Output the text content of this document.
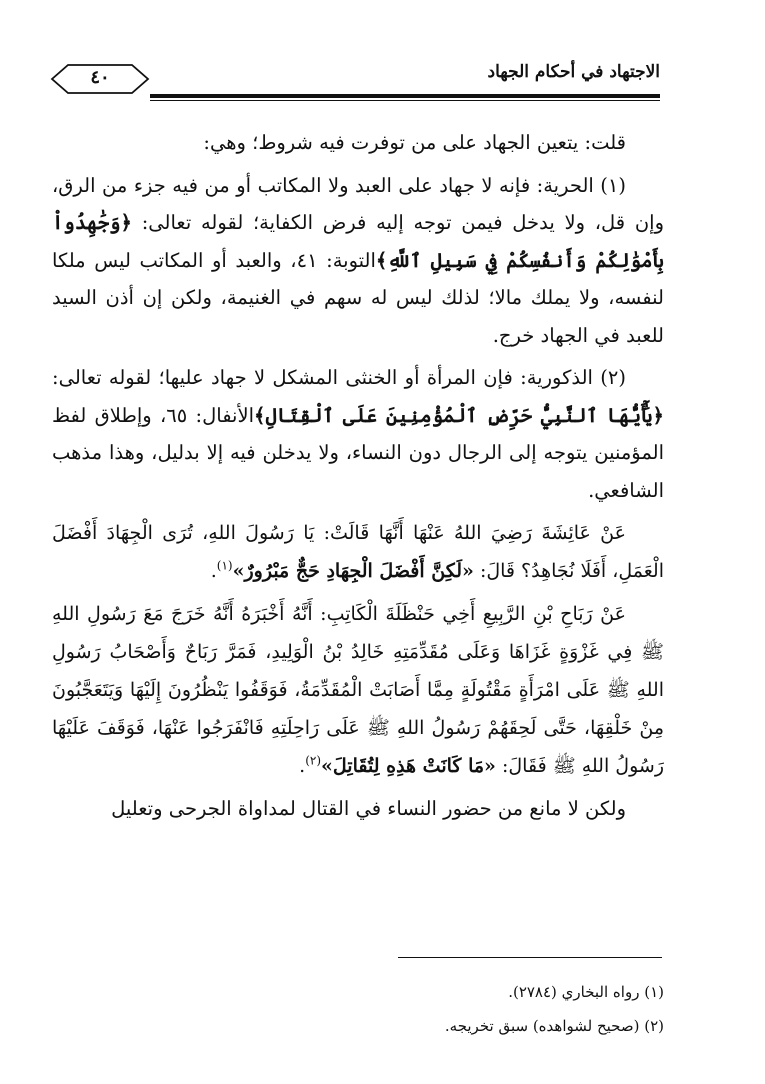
الاجتهاد في أحكام الجهاد
٤٠

قلت: يتعين الجهاد على من توفرت فيه شروط؛ وهي:

(١) الحرية: فإنه لا جهاد على العبد ولا المكاتب أو من فيه جزء من الرق، وإن قل، ولا يدخل فيمن توجه إليه فرض الكفاية؛ لقوله تعالى: ﴿وَجَٰهِدُواْ بِأَمْوَٰلِكُمْ وَأَنفُسِكُمْ فِي سَبِيلِ ٱللَّهِ﴾التوبة: ٤١، والعبد أو المكاتب ليس ملكا لنفسه، ولا يملك مالا؛ لذلك ليس له سهم في الغنيمة، ولكن إن أذن السيد للعبد في الجهاد خرج.

(٢) الذكورية: فإن المرأة أو الخنثى المشكل لا جهاد عليها؛ لقوله تعالى: ﴿يَٰٓأَيُّهَا ٱلنَّبِيُّ حَرِّضِ ٱلْمُؤْمِنِينَ عَلَى ٱلْقِتَالِ﴾الأنفال: ٦٥، وإطلاق لفظ المؤمنين يتوجه إلى الرجال دون النساء، ولا يدخلن فيه إلا بدليل، وهذا مذهب الشافعي.

عَنْ عَائِشَةَ رَضِيَ اللهُ عَنْهَا أَنَّهَا قَالَتْ: يَا رَسُولَ اللهِ، تُرَى الْجِهَادَ أَفْضَلَ الْعَمَلِ، أَفَلَا نُجَاهِدُ؟ قَالَ: «لَكِنَّ أَفْضَلَ الْجِهَادِ حَجٌّ مَبْرُورٌ»$^{(١)}$.

عَنْ رَبَاحِ بْنِ الرَّبِيعِ أَخِي حَنْظَلَةَ الْكَاتِبِ: أَنَّهُ أَخْبَرَهُ أَنَّهُ خَرَجَ مَعَ رَسُولِ اللهِ ﷺ فِي غَزْوَةٍ غَزَاهَا وَعَلَى مُقَدِّمَتِهِ خَالِدُ بْنُ الْوَلِيدِ، فَمَرَّ رَبَاحٌ وَأَصْحَابُ رَسُولِ اللهِ ﷺ عَلَى امْرَأَةٍ مَقْتُولَةٍ مِمَّا أَصَابَتْ الْمُقَدِّمَةُ، فَوَقَفُوا يَنْظُرُونَ إِلَيْهَا وَيَتَعَجَّبُونَ مِنْ خَلْقِهَا، حَتَّى لَحِقَهُمْ رَسُولُ اللهِ ﷺ عَلَى رَاحِلَتِهِ فَانْفَرَجُوا عَنْهَا، فَوَقَفَ عَلَيْهَا رَسُولُ اللهِ ﷺ فَقَالَ: «مَا كَانَتْ هَذِهِ لِتُقَاتِلَ»$^{(٢)}$.

ولكن لا مانع من حضور النساء في القتال لمداواة الجرحى وتعليل

(١) رواه البخاري (٢٧٨٤).

(٢) (صحيح لشواهده) سبق تخريجه.
